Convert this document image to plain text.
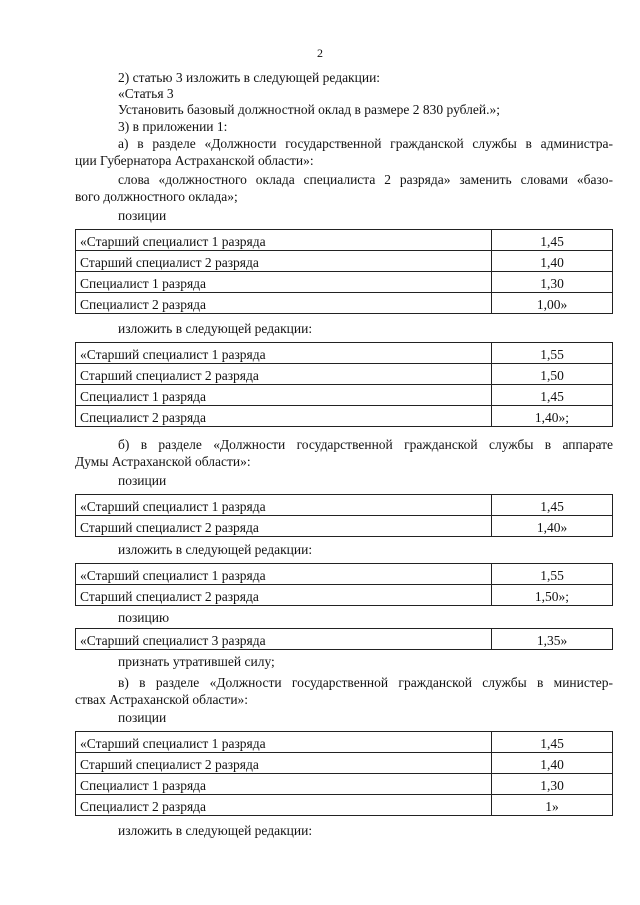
2
2) статью 3 изложить в следующей редакции:
«Статья 3
Установить базовый должностной оклад в размере 2 830 рублей.»;
3) в приложении 1:
а) в разделе «Должности государственной гражданской службы в администра-
ции Губернатора Астраханской области»:
слова «должностного оклада специалиста 2 разряда» заменить словами «базо-
вого должностного оклада»;
позиции
«Старший специалист 1 разряда	1,45
Старший специалист 2 разряда	1,40
Специалист 1 разряда	1,30
Специалист 2 разряда	1,00»
изложить в следующей редакции:
«Старший специалист 1 разряда	1,55
Старший специалист 2 разряда	1,50
Специалист 1 разряда	1,45
Специалист 2 разряда	1,40»;
б) в разделе «Должности государственной гражданской службы в аппарате
Думы Астраханской области»:
позиции
«Старший специалист 1 разряда	1,45
Старший специалист 2 разряда	1,40»
изложить в следующей редакции:
«Старший специалист 1 разряда	1,55
Старший специалист 2 разряда	1,50»;
позицию
«Старший специалист 3 разряда	1,35»
признать утратившей силу;
в) в разделе «Должности государственной гражданской службы в министер-
ствах Астраханской области»:
позиции
«Старший специалист 1 разряда	1,45
Старший специалист 2 разряда	1,40
Специалист 1 разряда	1,30
Специалист 2 разряда	1»
изложить в следующей редакции:
